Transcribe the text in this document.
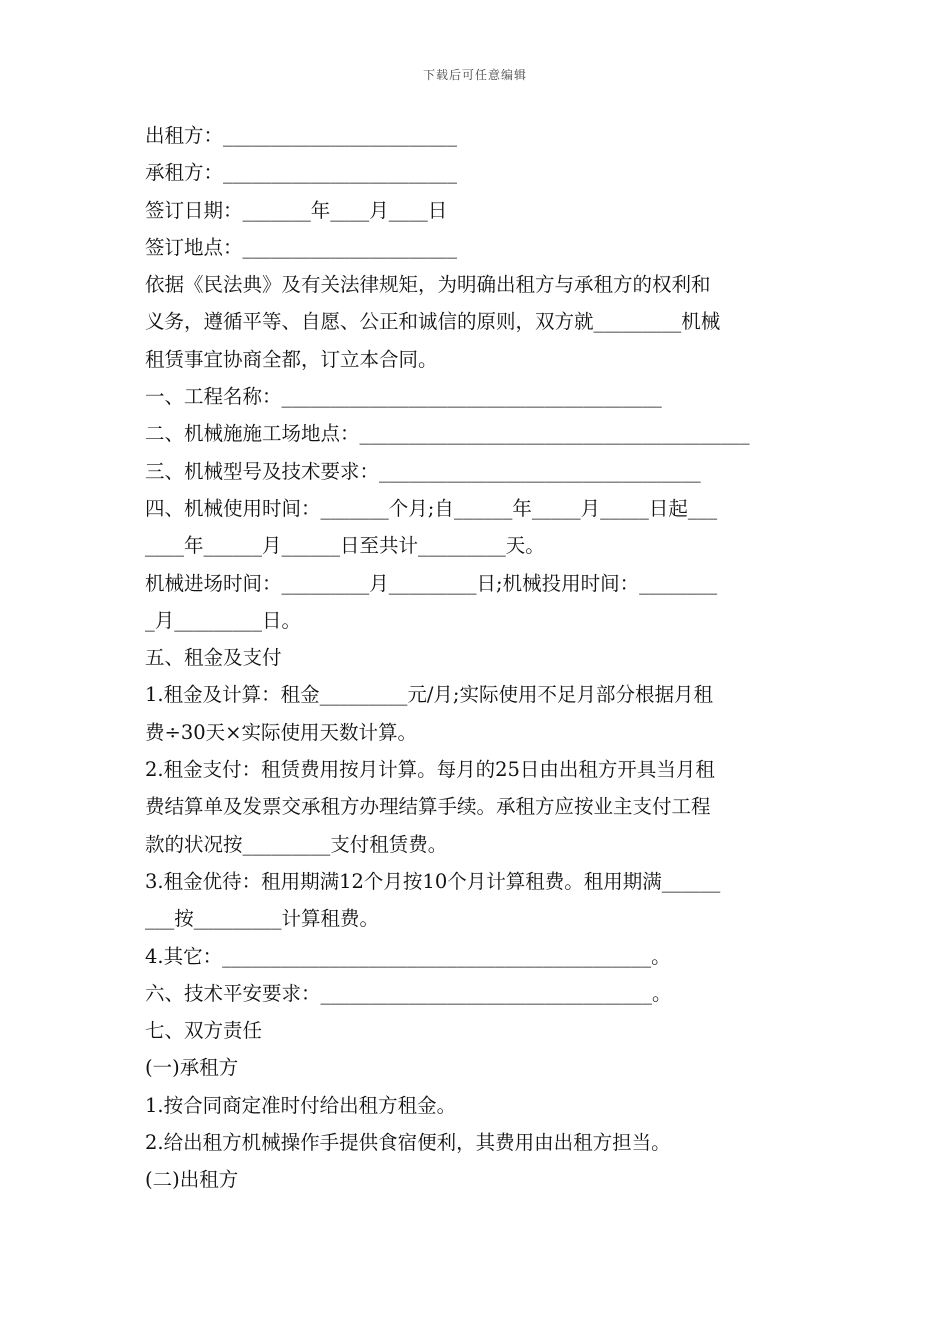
下载后可任意编辑
出租方：________________________
承租方：________________________
签订日期：_______年____月____日
签订地点：______________________
依据《民法典》及有关法律规矩，为明确出租方与承租方的权利和
义务，遵循平等、自愿、公正和诚信的原则，双方就_________机械
租赁事宜协商全都，订立本合同。
一、工程名称：_______________________________________
二、机械施施工场地点：________________________________________
三、机械型号及技术要求：_________________________________
四、机械使用时间：_______个月;自______年_____月_____日起___
____年______月______日至共计_________天。
机械进场时间：_________月_________日;机械投用时间：________
_月_________日。
五、租金及支付
1.租金及计算：租金_________元/月;实际使用不足月部分根据月租
费÷30天×实际使用天数计算。
2.租金支付：租赁费用按月计算。每月的25日由出租方开具当月租
费结算单及发票交承租方办理结算手续。承租方应按业主支付工程
款的状况按_________支付租赁费。
3.租金优待：租用期满12个月按10个月计算租费。租用期满______
___按_________计算租费。
4.其它：____________________________________________。
六、技术平安要求：__________________________________。
七、双方责任
(一)承租方
1.按合同商定准时付给出租方租金。
2.给出租方机械操作手提供食宿便利，其费用由出租方担当。
(二)出租方
